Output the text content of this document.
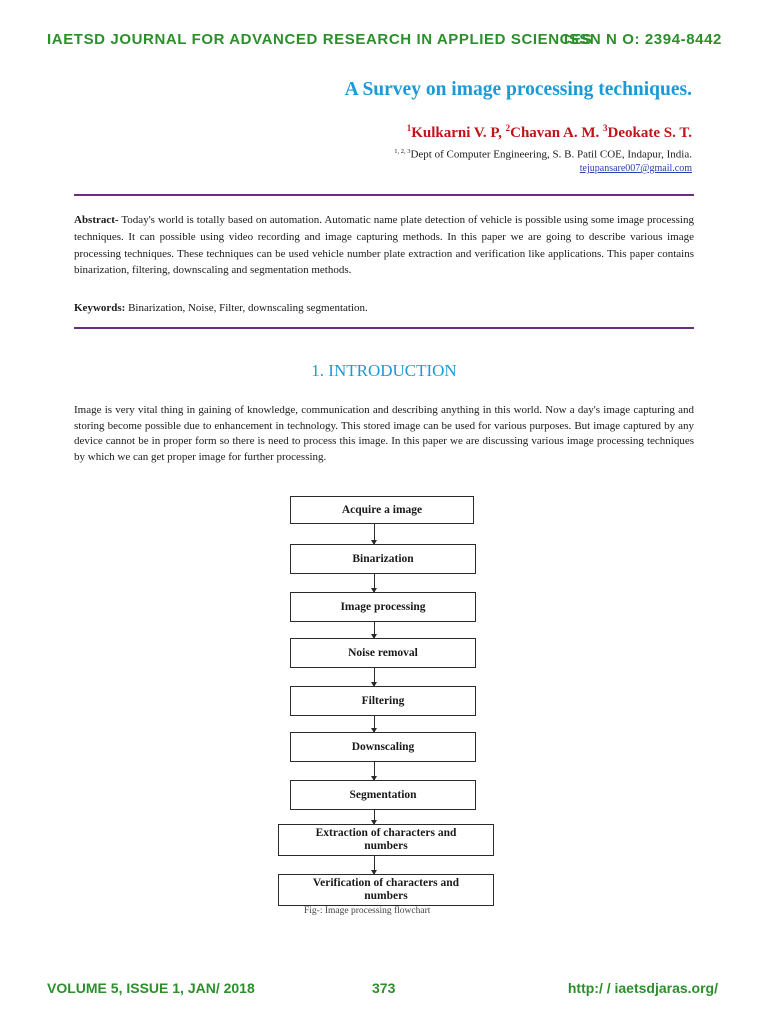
IAETSD JOURNAL FOR ADVANCED RESEARCH IN APPLIED SCIENCES
ISSN N O: 2394-8442
A Survey on image processing techniques.
$^1$Kulkarni V. P, $^2$Chavan A. M. $^3$Deokate S. T.
$^{1, 2, 3}$Dept of Computer Engineering, S. B. Patil COE, Indapur, India.
tejupansare007@gmail.com
Abstract- Today's world is totally based on automation. Automatic name plate detection of vehicle is possible using some image processing techniques. It can possible using video recording and image capturing methods. In this paper we are going to describe various image processing techniques. These techniques can be used vehicle number plate extraction and verification like applications. This paper contains binarization, filtering, downscaling and segmentation methods.
Keywords: Binarization, Noise, Filter, downscaling segmentation.
1. INTRODUCTION
Image is very vital thing in gaining of knowledge, communication and describing anything in this world. Now a day's image capturing and storing become possible due to enhancement in technology. This stored image can be used for various purposes. But image captured by any device cannot be in proper form so there is need to process this image. In this paper we are discussing various image processing techniques by which we can get proper image for further processing.
Acquire a image
Binarization
Image processing
Noise removal
Filtering
Downscaling
Segmentation
Extraction of characters and numbers
Verification of characters and numbers
Fig-: Image processing flowchart
VOLUME 5, ISSUE 1, JAN/ 2018	373	http:/ / iaetsdjaras.org/
